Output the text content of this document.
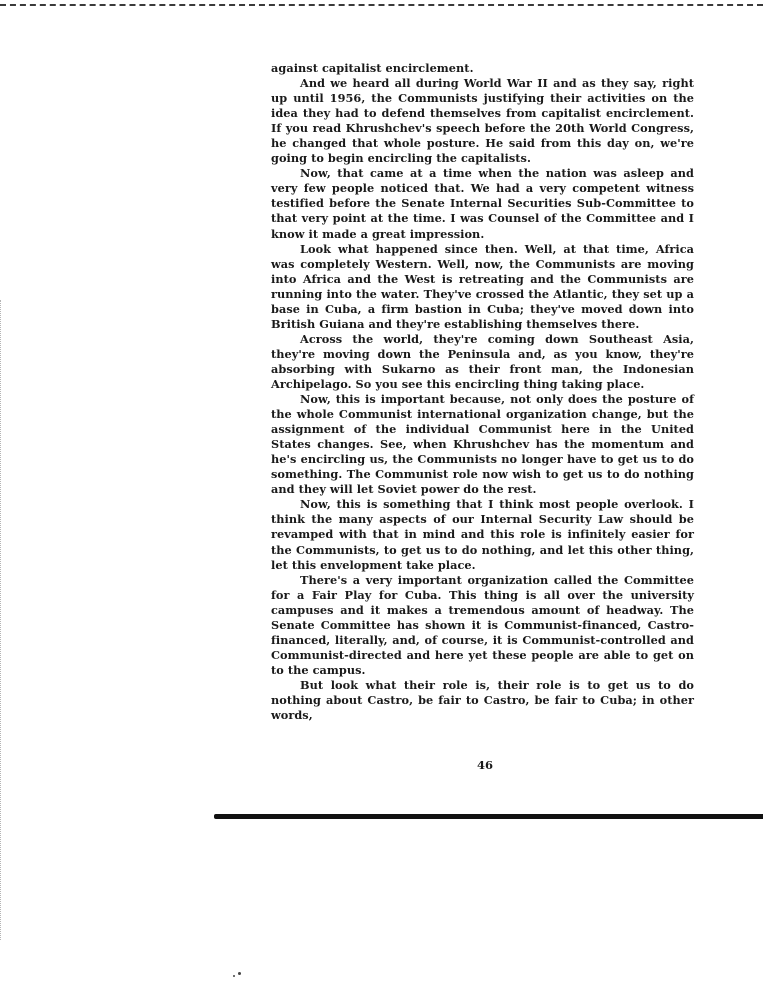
against capitalist encirclement.

And we heard all during World War II and as they say, right up until 1956, the Communists justifying their activities on the idea they had to defend themselves from capitalist encirclement. If you read Khrushchev's speech before the 20th World Congress, he changed that whole posture. He said from this day on, we're going to begin encircling the capitalists.

Now, that came at a time when the nation was asleep and very few people noticed that. We had a very competent witness testified before the Senate Internal Securities Sub-Committee to that very point at the time. I was Counsel of the Committee and I know it made a great impression.

Look what happened since then. Well, at that time, Africa was completely Western. Well, now, the Communists are moving into Africa and the West is retreating and the Communists are running into the water. They've crossed the Atlantic, they set up a base in Cuba, a firm bastion in Cuba; they've moved down into British Guiana and they're establishing themselves there.

Across the world, they're coming down Southeast Asia, they're moving down the Peninsula and, as you know, they're absorbing with Sukarno as their front man, the Indonesian Archipelago. So you see this encircling thing taking place.

Now, this is important because, not only does the posture of the whole Communist international organization change, but the assignment of the individual Communist here in the United States changes. See, when Khrushchev has the momentum and he's encircling us, the Communists no longer have to get us to do something. The Communist role now wish to get us to do nothing and they will let Soviet power do the rest.

Now, this is something that I think most people overlook. I think the many aspects of our Internal Security Law should be revamped with that in mind and this role is infinitely easier for the Communists, to get us to do nothing, and let this other thing, let this envelopment take place.

There's a very important organization called the Committee for a Fair Play for Cuba. This thing is all over the university campuses and it makes a tremendous amount of headway. The Senate Committee has shown it is Communist-financed, Castro-financed, literally, and, of course, it is Communist-controlled and Communist-directed and here yet these people are able to get on to the campus.

But look what their role is, their role is to get us to do nothing about Castro, be fair to Castro, be fair to Cuba; in other words,

46
